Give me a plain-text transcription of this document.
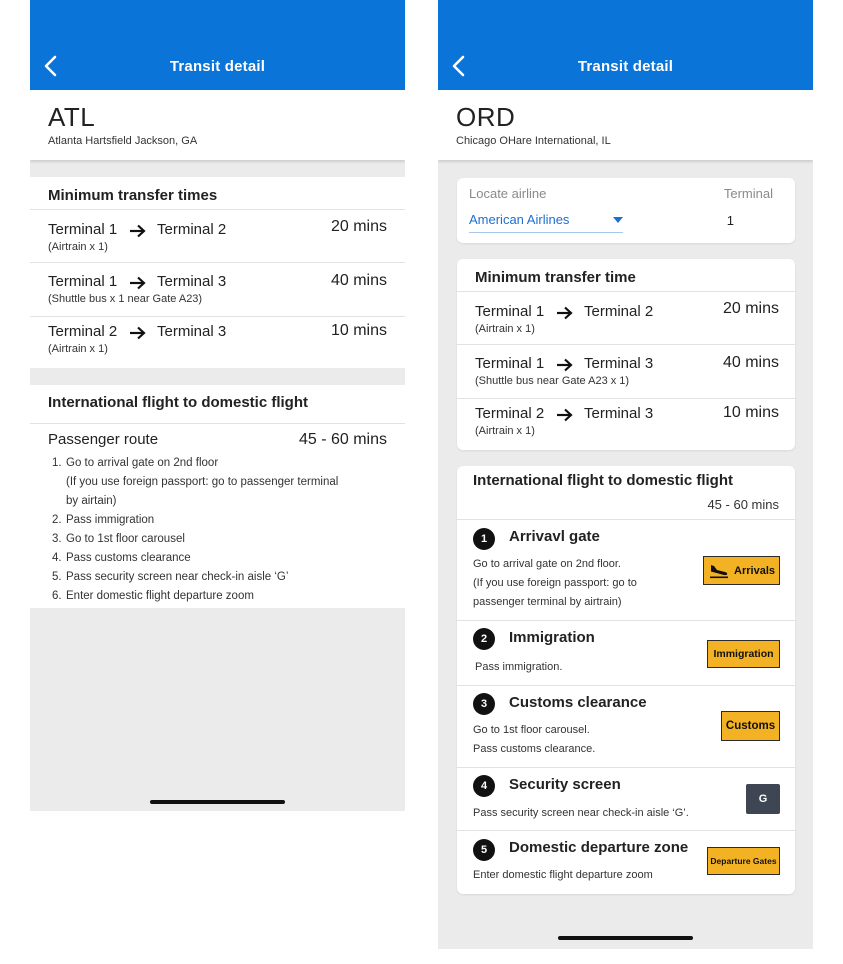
Transit detail
ATL
Atlanta Hartsfield Jackson, GA
Minimum transfer times
Terminal 1	Terminal 2	20 mins
(Airtrain x 1)
Terminal 1	Terminal 3	40 mins
(Shuttle bus x 1 near Gate A23)
Terminal 2	Terminal 3	10 mins
(Airtrain x 1)
International flight to domestic flight
Passenger route	45 - 60 mins
1. Go to arrival gate on 2nd floor
(If you use foreign passport: go to passenger terminal
by airtain)
2. Pass immigration
3. Go to 1st floor carousel
4. Pass customs clearance
5. Pass security screen near check-in aisle ‘G’
6. Enter domestic flight departure zoom
Transit detail
ORD
Chicago OHare International, IL
Locate airline	Terminal
American Airlines	1
Minimum transfer time
Terminal 1	Terminal 2	20 mins
(Airtrain x 1)
Terminal 1	Terminal 3	40 mins
(Shuttle bus near Gate A23 x 1)
Terminal 2	Terminal 3	10 mins
(Airtrain x 1)
International flight to domestic flight
45 - 60 mins
1	Arrivavl gate
Go to arrival gate on 2nd floor.
(If you use foreign passport: go to
passenger terminal by airtrain)
Arrivals
2	Immigration
Pass immigration.
Immigration
3	Customs clearance
Go to 1st floor carousel.
Pass customs clearance.
Customs
4	Security screen
Pass security screen near check-in aisle ‘G’.
G
5	Domestic departure zone
Enter domestic flight departure zoom
Departure Gates
